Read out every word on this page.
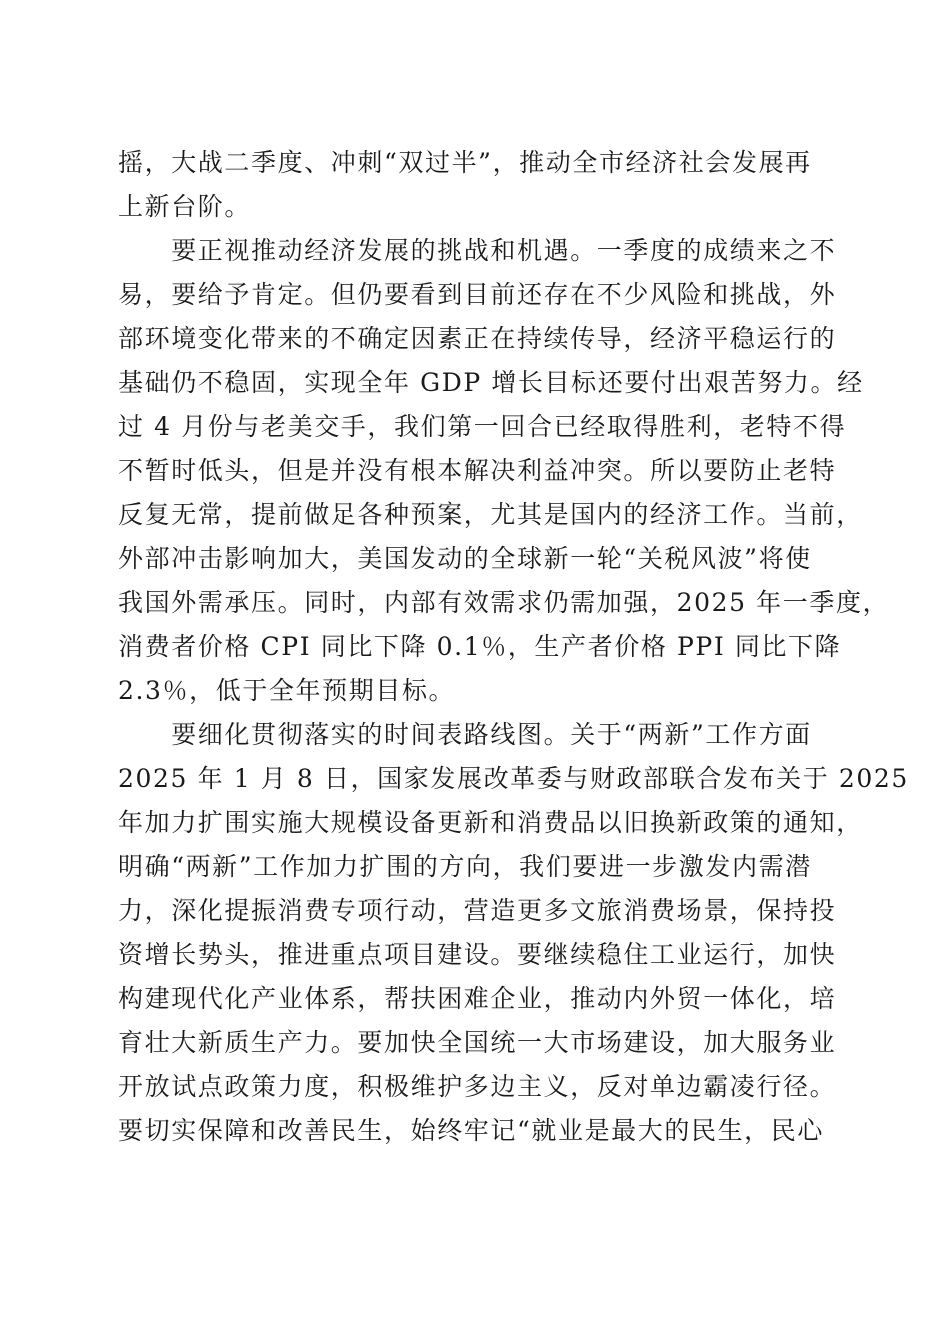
摇，大战二季度、冲刺“双过半”，推动全市经济社会发展再
上新台阶。
　　要正视推动经济发展的挑战和机遇。一季度的成绩来之不
易，要给予肯定。但仍要看到目前还存在不少风险和挑战，外
部环境变化带来的不确定因素正在持续传导，经济平稳运行的
基础仍不稳固，实现全年 GDP 增长目标还要付出艰苦努力。经
过 4 月份与老美交手，我们第一回合已经取得胜利，老特不得
不暂时低头，但是并没有根本解决利益冲突。所以要防止老特
反复无常，提前做足各种预案，尤其是国内的经济工作。当前，
外部冲击影响加大，美国发动的全球新一轮“关税风波”将使
我国外需承压。同时，内部有效需求仍需加强，2025 年一季度，
消费者价格 CPI 同比下降 0.1％，生产者价格 PPI 同比下降
2.3％，低于全年预期目标。
　　要细化贯彻落实的时间表路线图。关于“两新”工作方面
2025 年 1 月 8 日，国家发展改革委与财政部联合发布关于 2025
年加力扩围实施大规模设备更新和消费品以旧换新政策的通知，
明确“两新”工作加力扩围的方向，我们要进一步激发内需潜
力，深化提振消费专项行动，营造更多文旅消费场景，保持投
资增长势头，推进重点项目建设。要继续稳住工业运行，加快
构建现代化产业体系，帮扶困难企业，推动内外贸一体化，培
育壮大新质生产力。要加快全国统一大市场建设，加大服务业
开放试点政策力度，积极维护多边主义，反对单边霸凌行径。
要切实保障和改善民生，始终牢记“就业是最大的民生，民心
